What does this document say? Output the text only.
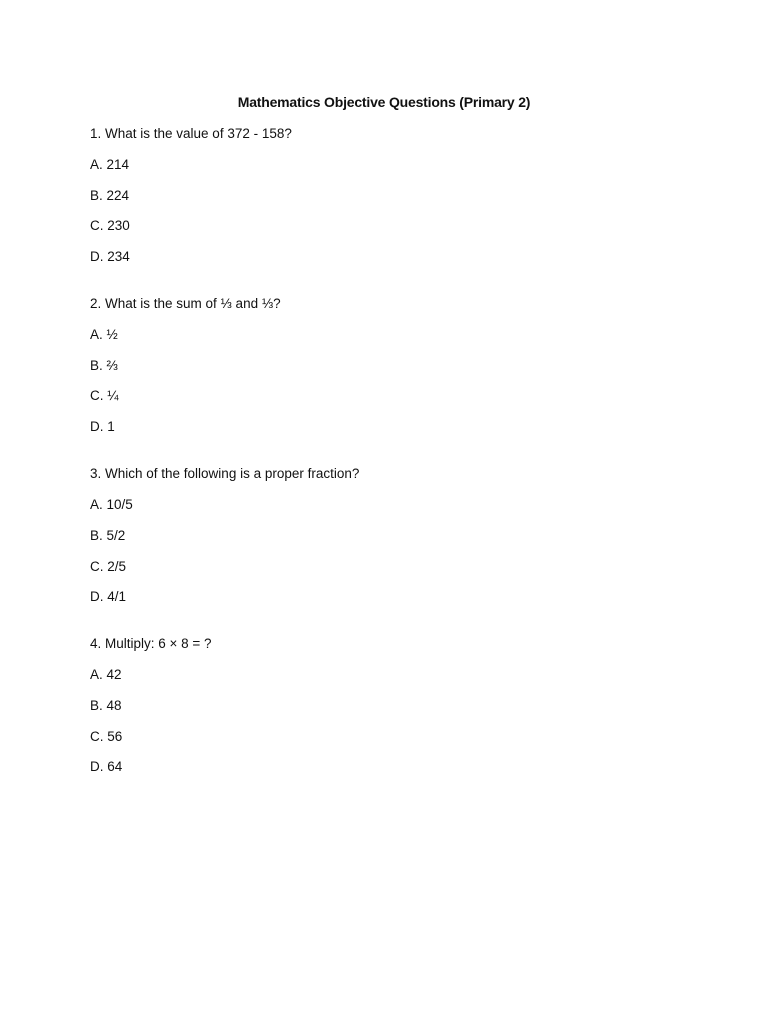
Mathematics Objective Questions (Primary 2)
1. What is the value of 372 - 158?
A. 214
B. 224
C. 230
D. 234
2. What is the sum of ⅓ and ⅓?
A. ½
B. ⅔
C. ¼
D. 1
3. Which of the following is a proper fraction?
A. 10/5
B. 5/2
C. 2/5
D. 4/1
4. Multiply: 6 × 8 = ?
A. 42
B. 48
C. 56
D. 64
